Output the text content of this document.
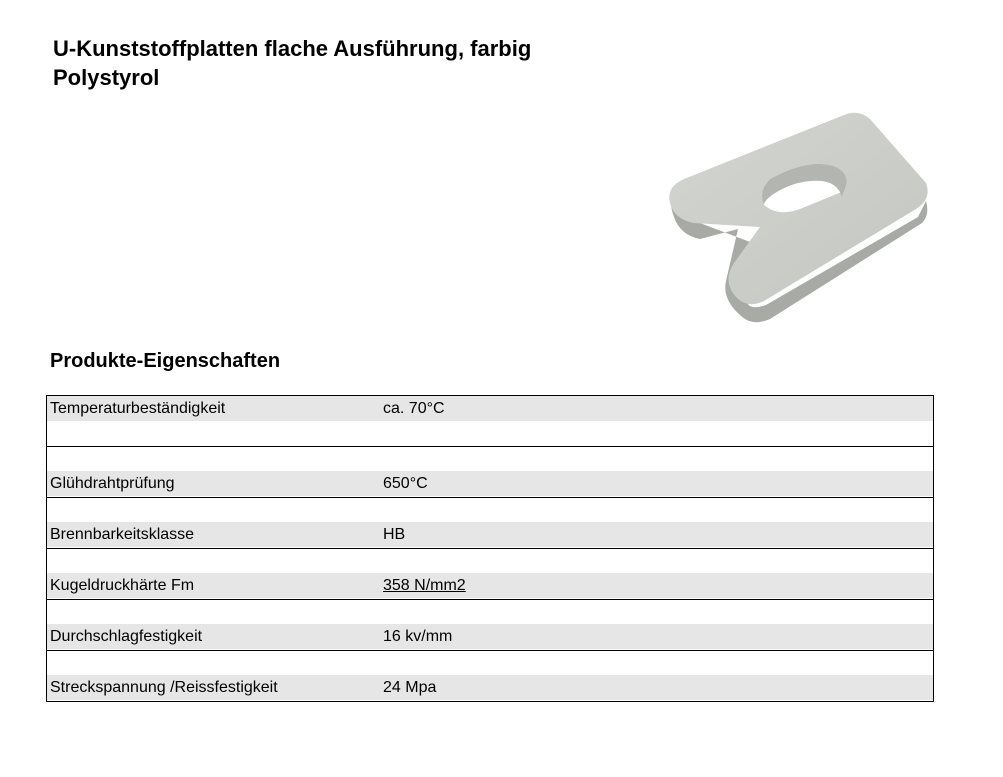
U-Kunststoffplatten flache Ausführung, farbig
Polystyrol
Produkte-Eigenschaften
Temperaturbeständigkeit	ca. 70°C
Glühdrahtprüfung	650°C
Brennbarkeitsklasse	HB
Kugeldruckhärte Fm	358 N/mm2
Durchschlagfestigkeit	16 kv/mm
Streckspannung /Reissfestigkeit	24 Mpa
